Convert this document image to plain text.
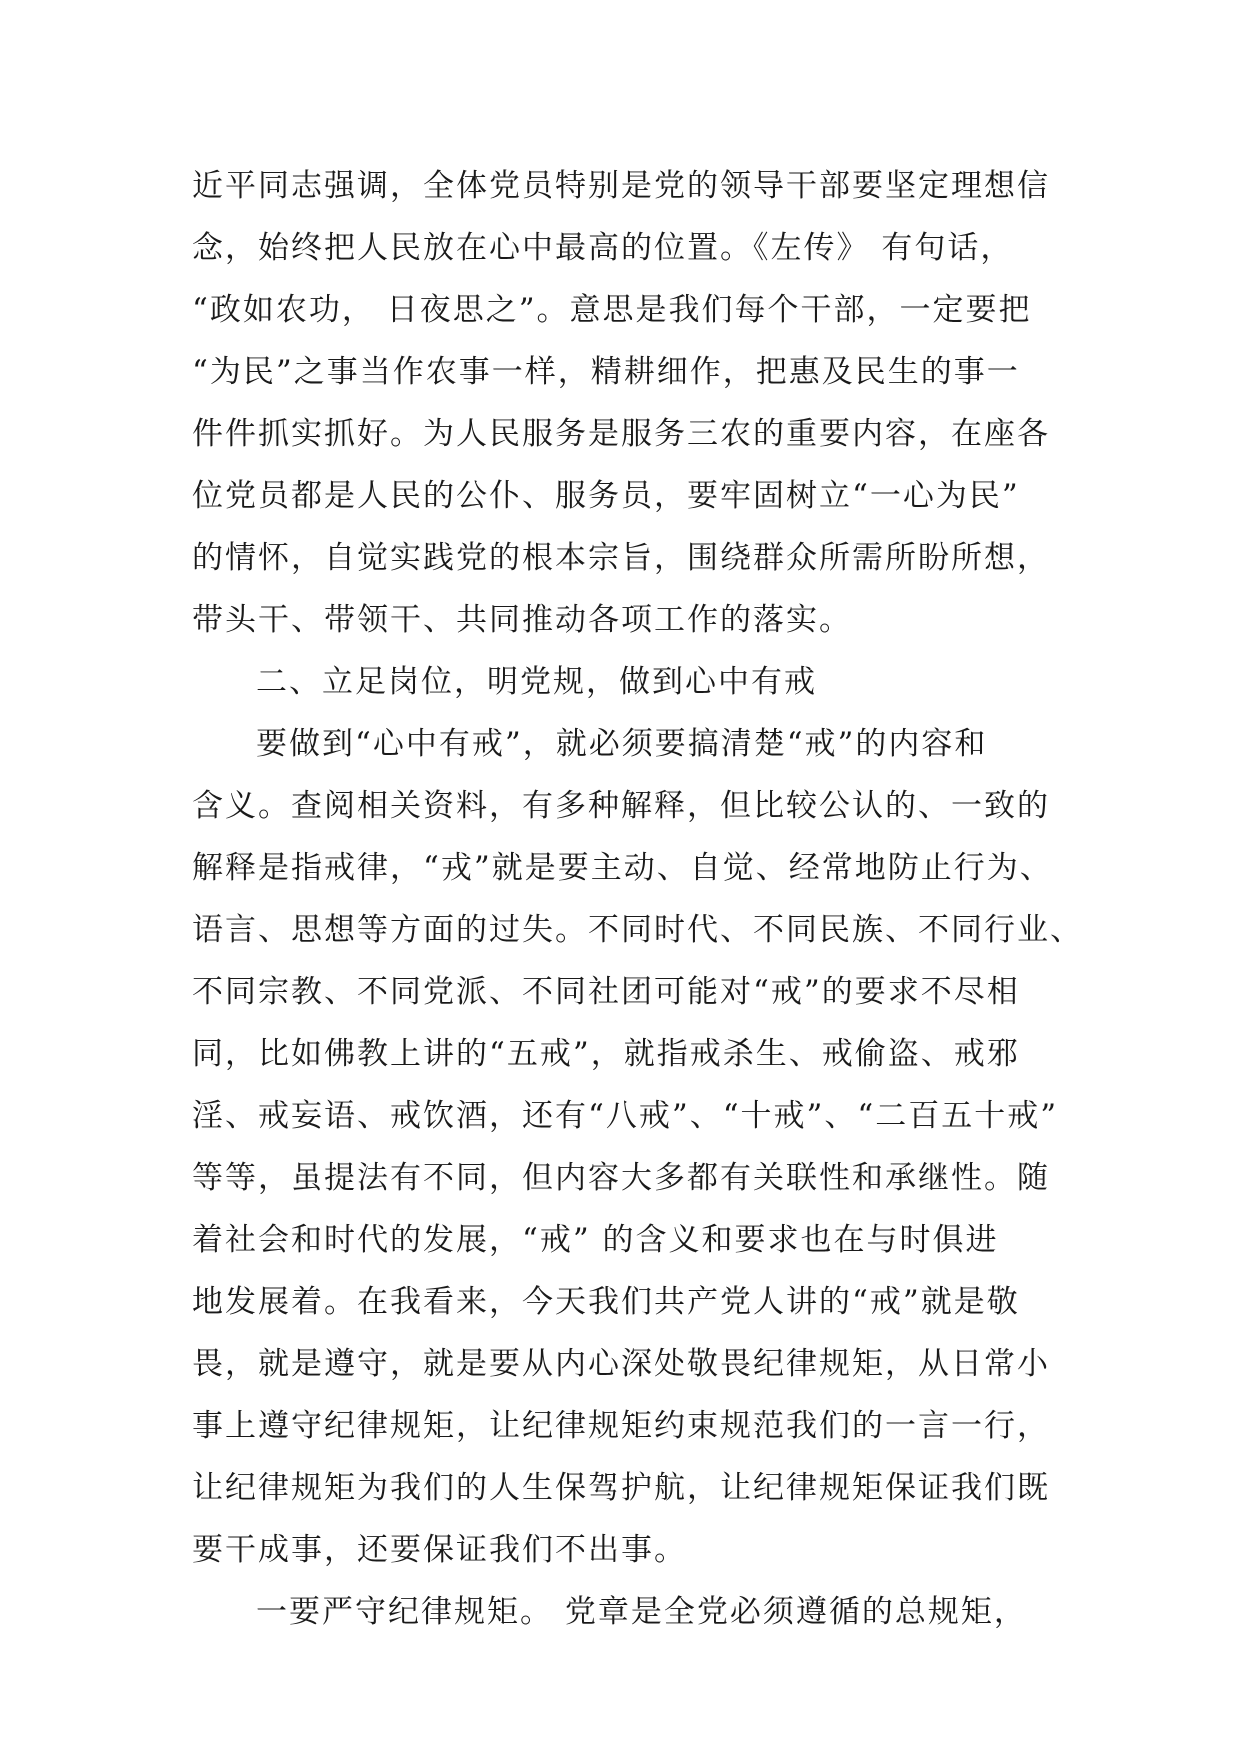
近平同志强调，全体党员特别是党的领导干部要坚定理想信
念，始终把人民放在心中最高的位置。《左传》 有句话，
“政如农功， 日夜思之”。意思是我们每个干部，一定要把
“为民”之事当作农事一样，精耕细作，把惠及民生的事一
件件抓实抓好。为人民服务是服务三农的重要内容，在座各
位党员都是人民的公仆、服务员，要牢固树立“一心为民”
的情怀，自觉实践党的根本宗旨，围绕群众所需所盼所想，
带头干、带领干、共同推动各项工作的落实。
二、立足岗位，明党规，做到心中有戒
要做到“心中有戒”，就必须要搞清楚“戒”的内容和
含义。查阅相关资料，有多种解释，但比较公认的、一致的
解释是指戒律，“戎”就是要主动、自觉、经常地防止行为、
语言、思想等方面的过失。不同时代、不同民族、不同行业、
不同宗教、不同党派、不同社团可能对“戒”的要求不尽相
同，比如佛教上讲的“五戒”，就指戒杀生、戒偷盗、戒邪
淫、戒妄语、戒饮酒，还有“八戒”、“十戒”、“二百五十戒”
等等，虽提法有不同，但内容大多都有关联性和承继性。随
着社会和时代的发展，“戒” 的含义和要求也在与时俱进
地发展着。在我看来，今天我们共产党人讲的“戒”就是敬
畏，就是遵守，就是要从内心深处敬畏纪律规矩，从日常小
事上遵守纪律规矩，让纪律规矩约束规范我们的一言一行，
让纪律规矩为我们的人生保驾护航，让纪律规矩保证我们既
要干成事，还要保证我们不出事。
一要严守纪律规矩。 党章是全党必须遵循的总规矩，
